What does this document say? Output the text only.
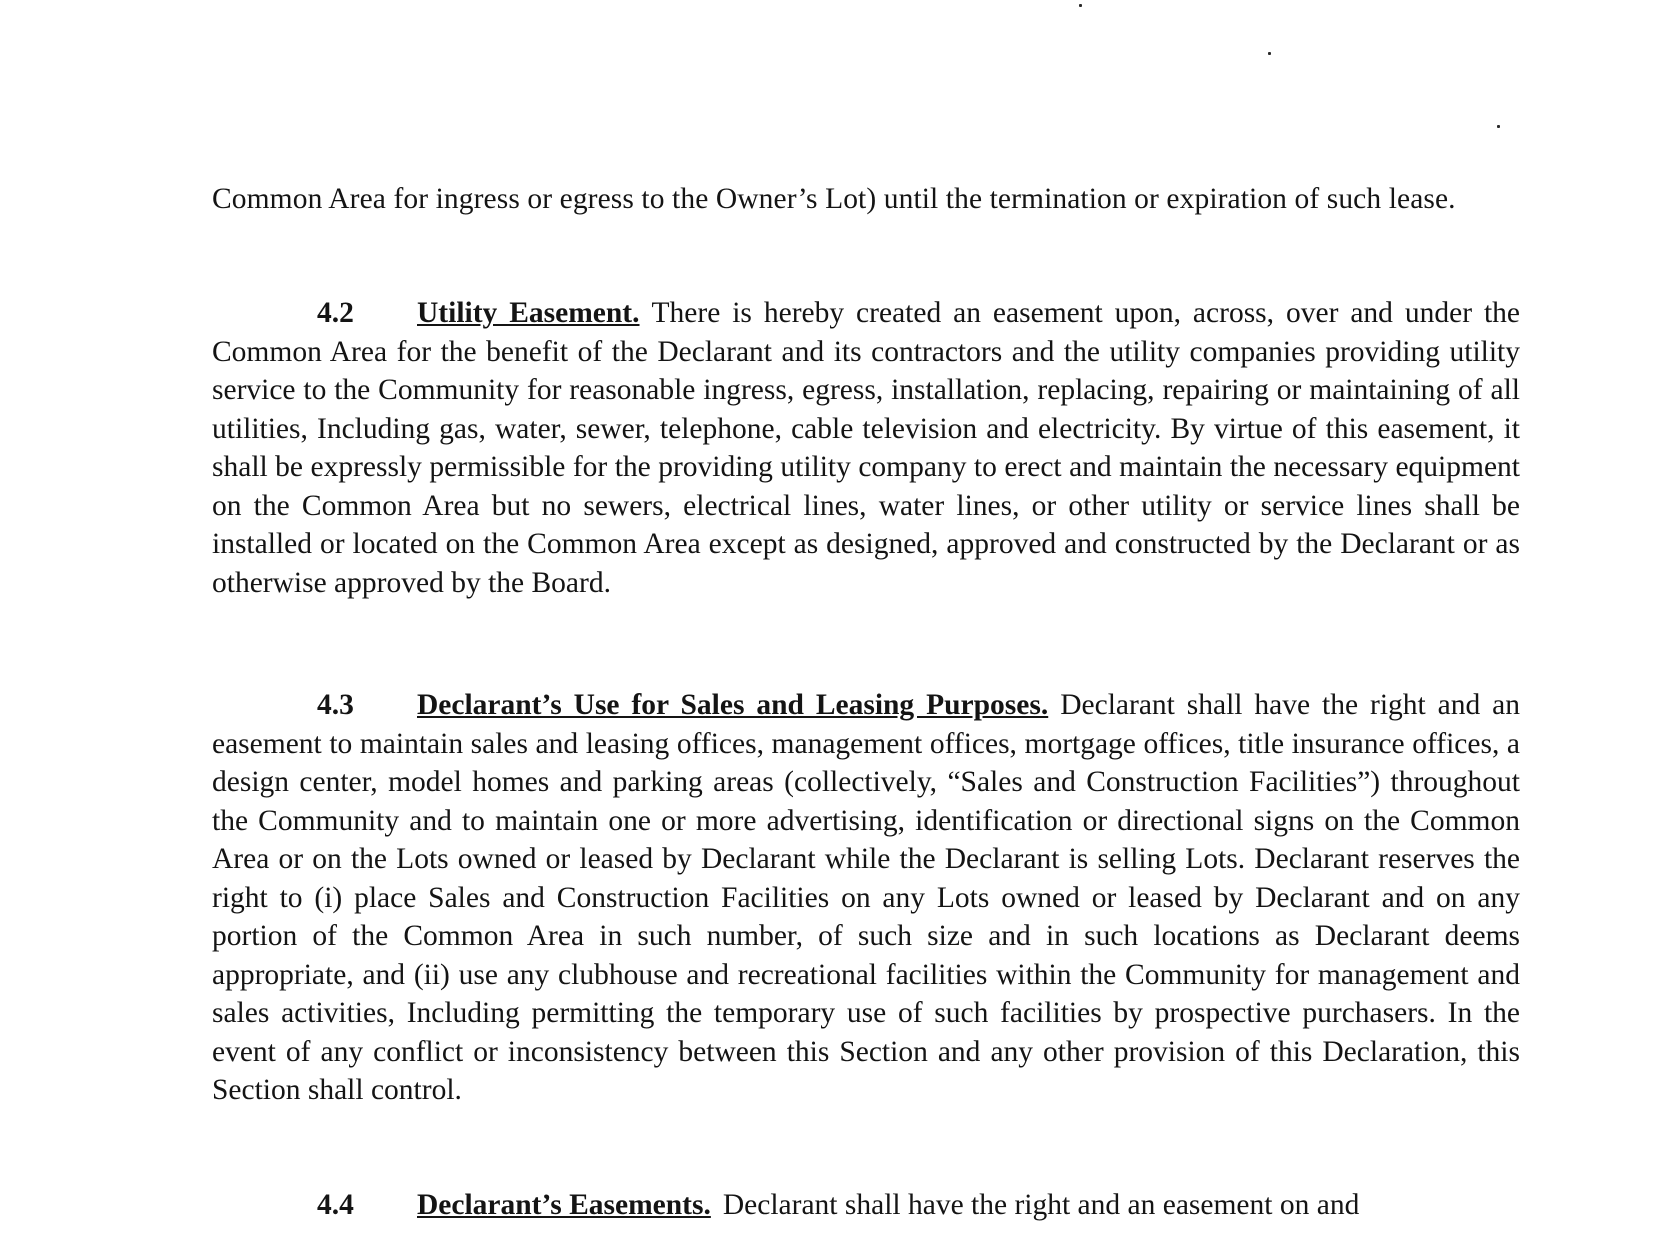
Common Area for ingress or egress to the Owner’s Lot) until the termination or expiration of such lease.

4.2 Utility Easement. There is hereby created an easement upon, across, over and under the Common Area for the benefit of the Declarant and its contractors and the utility companies providing utility service to the Community for reasonable ingress, egress, installation, replacing, repairing or maintaining of all utilities, Including gas, water, sewer, telephone, cable television and electricity. By virtue of this easement, it shall be expressly permissible for the providing utility company to erect and maintain the necessary equipment on the Common Area but no sewers, electrical lines, water lines, or other utility or service lines shall be installed or located on the Common Area except as designed, approved and constructed by the Declarant or as otherwise approved by the Board.

4.3 Declarant’s Use for Sales and Leasing Purposes. Declarant shall have the right and an easement to maintain sales and leasing offices, management offices, mortgage offices, title insurance offices, a design center, model homes and parking areas (collectively, “Sales and Construction Facilities”) throughout the Community and to maintain one or more advertising, identification or directional signs on the Common Area or on the Lots owned or leased by Declarant while the Declarant is selling Lots. Declarant reserves the right to (i) place Sales and Construction Facilities on any Lots owned or leased by Declarant and on any portion of the Common Area in such number, of such size and in such locations as Declarant deems appropriate, and (ii) use any clubhouse and recreational facilities within the Community for management and sales activities, Including permitting the temporary use of such facilities by prospective purchasers. In the event of any conflict or inconsistency between this Section and any other provision of this Declaration, this Section shall control.

4.4 Declarant’s Easements. Declarant shall have the right and an easement on and
